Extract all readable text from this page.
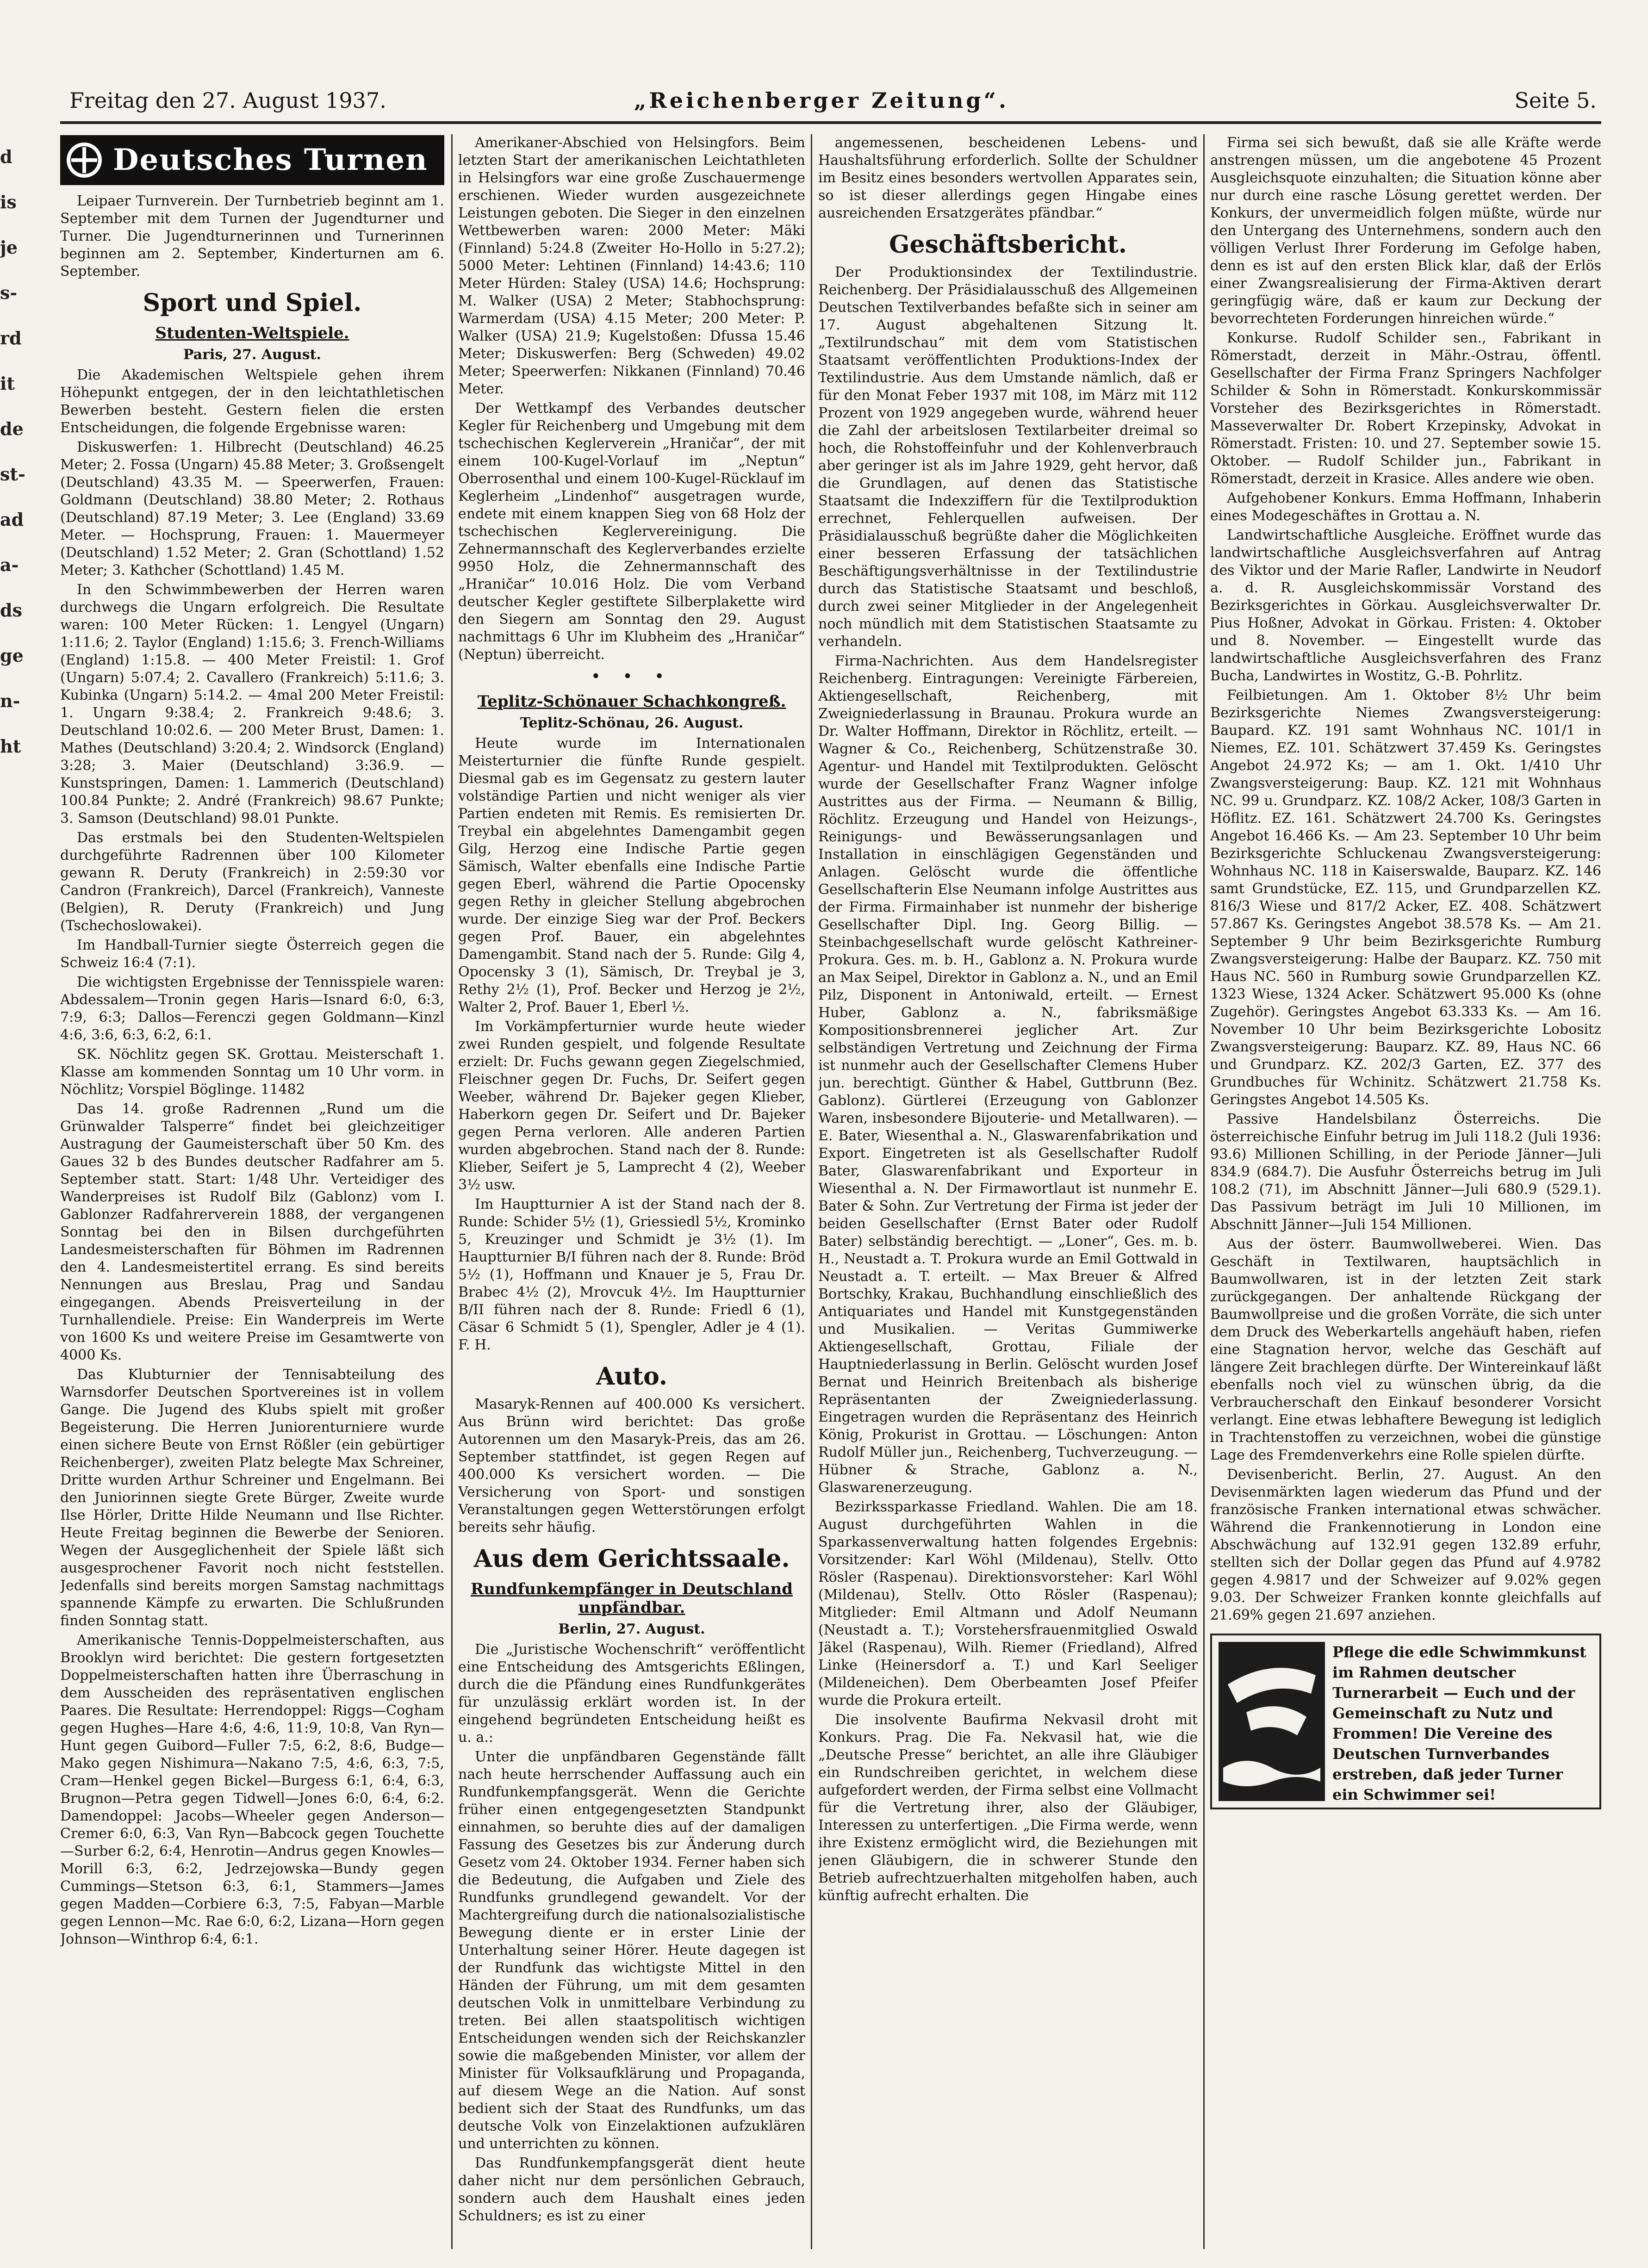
d
is
je
s-
rd
it
de
st-
ad
a-
ds
ge
n-
ht
Freitag den 27. August 1937.	„Reichenberger Zeitung“.	Seite 5.
Deutsches Turnen

Leipaer Turnverein. Der Turnbetrieb beginnt am 1. September mit dem Turnen der Jugendturner und Turner. Die Jugendturnerinnen und Turnerinnen beginnen am 2. September, Kinderturnen am 6. September.

Sport und Spiel.
Studenten-Weltspiele.
Paris, 27. August.

Die Akademischen Weltspiele gehen ihrem Höhepunkt entgegen, der in den leichtathletischen Bewerben besteht. Gestern fielen die ersten Entscheidungen, die folgende Ergebnisse waren:

Diskuswerfen: 1. Hilbrecht (Deutschland) 46.25 Meter; 2. Fossa (Ungarn) 45.88 Meter; 3. Großsengelt (Deutschland) 43.35 M. — Speerwerfen, Frauen: Goldmann (Deutschland) 38.80 Meter; 2. Rothaus (Deutschland) 87.19 Meter; 3. Lee (England) 33.69 Meter. — Hochsprung, Frauen: 1. Mauermeyer (Deutschland) 1.52 Meter; 2. Gran (Schottland) 1.52 Meter; 3. Kathcher (Schottland) 1.45 M.

In den Schwimmbewerben der Herren waren durchwegs die Ungarn erfolgreich. Die Resultate waren: 100 Meter Rücken: 1. Lengyel (Ungarn) 1:11.6; 2. Taylor (England) 1:15.6; 3. French-Williams (England) 1:15.8. — 400 Meter Freistil: 1. Grof (Ungarn) 5:07.4; 2. Cavallero (Frankreich) 5:11.6; 3. Kubinka (Ungarn) 5:14.2. — 4mal 200 Meter Freistil: 1. Ungarn 9:38.4; 2. Frankreich 9:48.6; 3. Deutschland 10:02.6. — 200 Meter Brust, Damen: 1. Mathes (Deutschland) 3:20.4; 2. Windsorck (England) 3:28; 3. Maier (Deutschland) 3:36.9. — Kunstspringen, Damen: 1. Lammerich (Deutschland) 100.84 Punkte; 2. André (Frankreich) 98.67 Punkte; 3. Samson (Deutschland) 98.01 Punkte.

Das erstmals bei den Studenten-Weltspielen durchgeführte Radrennen über 100 Kilometer gewann R. Deruty (Frankreich) in 2:59:30 vor Candron (Frankreich), Darcel (Frankreich), Vanneste (Belgien), R. Deruty (Frankreich) und Jung (Tschechoslowakei).

Im Handball-Turnier siegte Österreich gegen die Schweiz 16:4 (7:1).

Die wichtigsten Ergebnisse der Tennisspiele waren: Abdessalem—Tronin gegen Haris—Isnard 6:0, 6:3, 7:9, 6:3; Dallos—Ferenczi gegen Goldmann—Kinzl 4:6, 3:6, 6:3, 6:2, 6:1.

SK. Nöchlitz gegen SK. Grottau. Meisterschaft 1. Klasse am kommenden Sonntag um 10 Uhr vorm. in Nöchlitz; Vorspiel Böglinge. 11482

Das 14. große Radrennen „Rund um die Grünwalder Talsperre“ findet bei gleichzeitiger Austragung der Gaumeisterschaft über 50 Km. des Gaues 32 b des Bundes deutscher Radfahrer am 5. September statt. Start: 1/48 Uhr. Verteidiger des Wanderpreises ist Rudolf Bilz (Gablonz) vom I. Gablonzer Radfahrerverein 1888, der vergangenen Sonntag bei den in Bilsen durchgeführten Landesmeisterschaften für Böhmen im Radrennen den 4. Landesmeistertitel errang. Es sind bereits Nennungen aus Breslau, Prag und Sandau eingegangen. Abends Preisverteilung in der Turnhallendiele. Preise: Ein Wanderpreis im Werte von 1600 Ks und weitere Preise im Gesamtwerte von 4000 Ks.

Das Klubturnier der Tennisabteilung des Warnsdorfer Deutschen Sportvereines ist in vollem Gange. Die Jugend des Klubs spielt mit großer Begeisterung. Die Herren Juniorenturniere wurde einen sichere Beute von Ernst Rößler (ein gebürtiger Reichenberger), zweiten Platz belegte Max Schreiner, Dritte wurden Arthur Schreiner und Engelmann. Bei den Juniorinnen siegte Grete Bürger, Zweite wurde Ilse Hörler, Dritte Hilde Neumann und Ilse Richter. Heute Freitag beginnen die Bewerbe der Senioren. Wegen der Ausgeglichenheit der Spiele läßt sich ausgesprochener Favorit noch nicht feststellen. Jedenfalls sind bereits morgen Samstag nachmittags spannende Kämpfe zu erwarten. Die Schlußrunden finden Sonntag statt.

Amerikanische Tennis-Doppelmeisterschaften, aus Brooklyn wird berichtet: Die gestern fortgesetzten Doppelmeisterschaften hatten ihre Überraschung in dem Ausscheiden des repräsentativen englischen Paares. Die Resultate: Herrendoppel: Riggs—Cogham gegen Hughes—Hare 4:6, 4:6, 11:9, 10:8, Van Ryn—Hunt gegen Guibord—Fuller 7:5, 6:2, 8:6, Budge—Mako gegen Nishimura—Nakano 7:5, 4:6, 6:3, 7:5, Cram—Henkel gegen Bickel—Burgess 6:1, 6:4, 6:3, Brugnon—Petra gegen Tidwell—Jones 6:0, 6:4, 6:2. Damendoppel: Jacobs—Wheeler gegen Anderson—Cremer 6:0, 6:3, Van Ryn—Babcock gegen Touchette—Surber 6:2, 6:4, Henrotin—Andrus gegen Knowles—Morill 6:3, 6:2, Jedrzejowska—Bundy gegen Cummings—Stetson 6:3, 6:1, Stammers—James gegen Madden—Corbiere 6:3, 7:5, Fabyan—Marble gegen Lennon—Mc. Rae 6:0, 6:2, Lizana—Horn gegen Johnson—Winthrop 6:4, 6:1.

Amerikaner-Abschied von Helsingfors. Beim letzten Start der amerikanischen Leichtathleten in Helsingfors war eine große Zuschauermenge erschienen. Wieder wurden ausgezeichnete Leistungen geboten. Die Sieger in den einzelnen Wettbewerben waren: 2000 Meter: Mäki (Finnland) 5:24.8 (Zweiter Ho-Hollo in 5:27.2); 5000 Meter: Lehtinen (Finnland) 14:43.6; 110 Meter Hürden: Staley (USA) 14.6; Hochsprung: M. Walker (USA) 2 Meter; Stabhochsprung: Warmerdam (USA) 4.15 Meter; 200 Meter: P. Walker (USA) 21.9; Kugelstoßen: Dfussa 15.46 Meter; Diskuswerfen: Berg (Schweden) 49.02 Meter; Speerwerfen: Nikkanen (Finnland) 70.46 Meter.

Der Wettkampf des Verbandes deutscher Kegler für Reichenberg und Umgebung mit dem tschechischen Keglerverein „Hraničar“, der mit einem 100-Kugel-Vorlauf im „Neptun“ Oberrosenthal und einem 100-Kugel-Rücklauf im Keglerheim „Lindenhof“ ausgetragen wurde, endete mit einem knappen Sieg von 68 Holz der tschechischen Keglervereinigung. Die Zehnermannschaft des Keglerverbandes erzielte 9950 Holz, die Zehnermannschaft des „Hraničar“ 10.016 Holz. Die vom Verband deutscher Kegler gestiftete Silberplakette wird den Siegern am Sonntag den 29. August nachmittags 6 Uhr im Klubheim des „Hraničar“ (Neptun) überreicht.

• • •
Teplitz-Schönauer Schachkongreß.
Teplitz-Schönau, 26. August.

Heute wurde im Internationalen Meisterturnier die fünfte Runde gespielt. Diesmal gab es im Gegensatz zu gestern lauter volständige Partien und nicht weniger als vier Partien endeten mit Remis. Es remisierten Dr. Treybal ein abgelehntes Damengambit gegen Gilg, Herzog eine Indische Partie gegen Sämisch, Walter ebenfalls eine Indische Partie gegen Eberl, während die Partie Opocensky gegen Rethy in gleicher Stellung abgebrochen wurde. Der einzige Sieg war der Prof. Beckers gegen Prof. Bauer, ein abgelehntes Damengambit. Stand nach der 5. Runde: Gilg 4, Opocensky 3 (1), Sämisch, Dr. Treybal je 3, Rethy 2½ (1), Prof. Becker und Herzog je 2½, Walter 2, Prof. Bauer 1, Eberl ½.

Im Vorkämpferturnier wurde heute wieder zwei Runden gespielt, und folgende Resultate erzielt: Dr. Fuchs gewann gegen Ziegelschmied, Fleischner gegen Dr. Fuchs, Dr. Seifert gegen Weeber, während Dr. Bajeker gegen Klieber, Haberkorn gegen Dr. Seifert und Dr. Bajeker gegen Perna verloren. Alle anderen Partien wurden abgebrochen. Stand nach der 8. Runde: Klieber, Seifert je 5, Lamprecht 4 (2), Weeber 3½ usw.

Im Hauptturnier A ist der Stand nach der 8. Runde: Schider 5½ (1), Griessiedl 5½, Krominko 5, Kreuzinger und Schmidt je 3½ (1). Im Hauptturnier B/I führen nach der 8. Runde: Bröd 5½ (1), Hoffmann und Knauer je 5, Frau Dr. Brabec 4½ (2), Mrovcuk 4½. Im Hauptturnier B/II führen nach der 8. Runde: Friedl 6 (1), Cäsar 6 Schmidt 5 (1), Spengler, Adler je 4 (1). F. H.

Auto.

Masaryk-Rennen auf 400.000 Ks versichert. Aus Brünn wird berichtet: Das große Autorennen um den Masaryk-Preis, das am 26. September stattfindet, ist gegen Regen auf 400.000 Ks versichert worden. — Die Versicherung von Sport- und sonstigen Veranstaltungen gegen Wetterstörungen erfolgt bereits sehr häufig.

Aus dem Gerichtssaale.
Rundfunkempfänger in Deutschland unpfändbar.
Berlin, 27. August.

Die „Juristische Wochenschrift“ veröffentlicht eine Entscheidung des Amtsgerichts Eßlingen, durch die die Pfändung eines Rundfunkgerätes für unzulässig erklärt worden ist. In der eingehend begründeten Entscheidung heißt es u. a.:

Unter die unpfändbaren Gegenstände fällt nach heute herrschender Auffassung auch ein Rundfunkempfangsgerät. Wenn die Gerichte früher einen entgegengesetzten Standpunkt einnahmen, so beruhte dies auf der damaligen Fassung des Gesetzes bis zur Änderung durch Gesetz vom 24. Oktober 1934. Ferner haben sich die Bedeutung, die Aufgaben und Ziele des Rundfunks grundlegend gewandelt. Vor der Machtergreifung durch die nationalsozialistische Bewegung diente er in erster Linie der Unterhaltung seiner Hörer. Heute dagegen ist der Rundfunk das wichtigste Mittel in den Händen der Führung, um mit dem gesamten deutschen Volk in unmittelbare Verbindung zu treten. Bei allen staatspolitisch wichtigen Entscheidungen wenden sich der Reichskanzler sowie die maßgebenden Minister, vor allem der Minister für Volksaufklärung und Propaganda, auf diesem Wege an die Nation. Auf sonst bedient sich der Staat des Rundfunks, um das deutsche Volk von Einzelaktionen aufzuklären und unterrichten zu können.

Das Rundfunkempfangsgerät dient heute daher nicht nur dem persönlichen Gebrauch, sondern auch dem Haushalt eines jeden Schuldners; es ist zu einer

angemessenen, bescheidenen Lebens- und Haushaltsführung erforderlich. Sollte der Schuldner im Besitz eines besonders wertvollen Apparates sein, so ist dieser allerdings gegen Hingabe eines ausreichenden Ersatzgerätes pfändbar.“

Geschäftsbericht.

Der Produktionsindex der Textilindustrie. Reichenberg. Der Präsidialausschuß des Allgemeinen Deutschen Textilverbandes befaßte sich in seiner am 17. August abgehaltenen Sitzung lt. „Textilrundschau“ mit dem vom Statistischen Staatsamt veröffentlichten Produktions-Index der Textilindustrie. Aus dem Umstande nämlich, daß er für den Monat Feber 1937 mit 108, im März mit 112 Prozent von 1929 angegeben wurde, während heuer die Zahl der arbeitslosen Textilarbeiter dreimal so hoch, die Rohstoffeinfuhr und der Kohlenverbrauch aber geringer ist als im Jahre 1929, geht hervor, daß die Grundlagen, auf denen das Statistische Staatsamt die Indexziffern für die Textilproduktion errechnet, Fehlerquellen aufweisen. Der Präsidialausschuß begrüßte daher die Möglichkeiten einer besseren Erfassung der tatsächlichen Beschäftigungsverhältnisse in der Textilindustrie durch das Statistische Staatsamt und beschloß, durch zwei seiner Mitglieder in der Angelegenheit noch mündlich mit dem Statistischen Staatsamte zu verhandeln.

Firma-Nachrichten. Aus dem Handelsregister Reichenberg. Eintragungen: Vereinigte Färbereien, Aktiengesellschaft, Reichenberg, mit Zweigniederlassung in Braunau. Prokura wurde an Dr. Walter Hoffmann, Direktor in Röchlitz, erteilt. — Wagner & Co., Reichenberg, Schützenstraße 30. Agentur- und Handel mit Textilprodukten. Gelöscht wurde der Gesellschafter Franz Wagner infolge Austrittes aus der Firma. — Neumann & Billig, Röchlitz. Erzeugung und Handel von Heizungs-, Reinigungs- und Bewässerungsanlagen und Installation in einschlägigen Gegenständen und Anlagen. Gelöscht wurde die öffentliche Gesellschafterin Else Neumann infolge Austrittes aus der Firma. Firmainhaber ist nunmehr der bisherige Gesellschafter Dipl. Ing. Georg Billig. — Steinbachgesellschaft wurde gelöscht Kathreiner-Prokura. Ges. m. b. H., Gablonz a. N. Prokura wurde an Max Seipel, Direktor in Gablonz a. N., und an Emil Pilz, Disponent in Antoniwald, erteilt. — Ernest Huber, Gablonz a. N., fabriksmäßige Kompositionsbrennerei jeglicher Art. Zur selbständigen Vertretung und Zeichnung der Firma ist nunmehr auch der Gesellschafter Clemens Huber jun. berechtigt. Günther & Habel, Guttbrunn (Bez. Gablonz). Gürtlerei (Erzeugung von Gablonzer Waren, insbesondere Bijouterie- und Metallwaren). — E. Bater, Wiesenthal a. N., Glaswarenfabrikation und Export. Eingetreten ist als Gesellschafter Rudolf Bater, Glaswarenfabrikant und Exporteur in Wiesenthal a. N. Der Firmawortlaut ist nunmehr E. Bater & Sohn. Zur Vertretung der Firma ist jeder der beiden Gesellschafter (Ernst Bater oder Rudolf Bater) selbständig berechtigt. — „Loner“, Ges. m. b. H., Neustadt a. T. Prokura wurde an Emil Gottwald in Neustadt a. T. erteilt. — Max Breuer & Alfred Bortschky, Krakau, Buchhandlung einschließlich des Antiquariates und Handel mit Kunstgegenständen und Musikalien. — Veritas Gummiwerke Aktiengesellschaft, Grottau, Filiale der Hauptniederlassung in Berlin. Gelöscht wurden Josef Bernat und Heinrich Breitenbach als bisherige Repräsentanten der Zweigniederlassung. Eingetragen wurden die Repräsentanz des Heinrich König, Prokurist in Grottau. — Löschungen: Anton Rudolf Müller jun., Reichenberg, Tuchverzeugung. — Hübner & Strache, Gablonz a. N., Glaswarenerzeugung.

Bezirkssparkasse Friedland. Wahlen. Die am 18. August durchgeführten Wahlen in die Sparkassenverwaltung hatten folgendes Ergebnis: Vorsitzender: Karl Wöhl (Mildenau), Stellv. Otto Rösler (Raspenau). Direktionsvorsteher: Karl Wöhl (Mildenau), Stellv. Otto Rösler (Raspenau); Mitglieder: Emil Altmann und Adolf Neumann (Neustadt a. T.); Vorstehersfrauenmitglied Oswald Jäkel (Raspenau), Wilh. Riemer (Friedland), Alfred Linke (Heinersdorf a. T.) und Karl Seeliger (Mildeneichen). Dem Oberbeamten Josef Pfeifer wurde die Prokura erteilt.

Die insolvente Baufirma Nekvasil droht mit Konkurs. Prag. Die Fa. Nekvasil hat, wie die „Deutsche Presse“ berichtet, an alle ihre Gläubiger ein Rundschreiben gerichtet, in welchem diese aufgefordert werden, der Firma selbst eine Vollmacht für die Vertretung ihrer, also der Gläubiger, Interessen zu unterfertigen. „Die Firma werde, wenn ihre Existenz ermöglicht wird, die Beziehungen mit jenen Gläubigern, die in schwerer Stunde den Betrieb aufrechtzuerhalten mitgeholfen haben, auch künftig aufrecht erhalten. Die

Firma sei sich bewußt, daß sie alle Kräfte werde anstrengen müssen, um die angebotene 45 Prozent Ausgleichsquote einzuhalten; die Situation könne aber nur durch eine rasche Lösung gerettet werden. Der Konkurs, der unvermeidlich folgen müßte, würde nur den Untergang des Unternehmens, sondern auch den völligen Verlust Ihrer Forderung im Gefolge haben, denn es ist auf den ersten Blick klar, daß der Erlös einer Zwangsrealisierung der Firma-Aktiven derart geringfügig wäre, daß er kaum zur Deckung der bevorrechteten Forderungen hinreichen würde.“

Konkurse. Rudolf Schilder sen., Fabrikant in Römerstadt, derzeit in Mähr.-Ostrau, öffentl. Gesellschafter der Firma Franz Springers Nachfolger Schilder & Sohn in Römerstadt. Konkurskommissär Vorsteher des Bezirksgerichtes in Römerstadt. Masseverwalter Dr. Robert Krzepinsky, Advokat in Römerstadt. Fristen: 10. und 27. September sowie 15. Oktober. — Rudolf Schilder jun., Fabrikant in Römerstadt, derzeit in Krasice. Alles andere wie oben.

Aufgehobener Konkurs. Emma Hoffmann, Inhaberin eines Modegeschäftes in Grottau a. N.

Landwirtschaftliche Ausgleiche. Eröffnet wurde das landwirtschaftliche Ausgleichsverfahren auf Antrag des Viktor und der Marie Rafler, Landwirte in Neudorf a. d. R. Ausgleichskommissär Vorstand des Bezirksgerichtes in Görkau. Ausgleichsverwalter Dr. Pius Hoßner, Advokat in Görkau. Fristen: 4. Oktober und 8. November. — Eingestellt wurde das landwirtschaftliche Ausgleichsverfahren des Franz Bucha, Landwirtes in Wostitz, G.-B. Pohrlitz.

Feilbietungen. Am 1. Oktober 8½ Uhr beim Bezirksgerichte Niemes Zwangsversteigerung: Baupard. KZ. 191 samt Wohnhaus NC. 101/1 in Niemes, EZ. 101. Schätzwert 37.459 Ks. Geringstes Angebot 24.972 Ks; — am 1. Okt. 1/410 Uhr Zwangsversteigerung: Baup. KZ. 121 mit Wohnhaus NC. 99 u. Grundparz. KZ. 108/2 Acker, 108/3 Garten in Höflitz. EZ. 161. Schätzwert 24.700 Ks. Geringstes Angebot 16.466 Ks. — Am 23. September 10 Uhr beim Bezirksgerichte Schluckenau Zwangsversteigerung: Wohnhaus NC. 118 in Kaiserswalde, Bauparz. KZ. 146 samt Grundstücke, EZ. 115, und Grundparzellen KZ. 816/3 Wiese und 817/2 Acker, EZ. 408. Schätzwert 57.867 Ks. Geringstes Angebot 38.578 Ks. — Am 21. September 9 Uhr beim Bezirksgerichte Rumburg Zwangsversteigerung: Halbe der Bauparz. KZ. 750 mit Haus NC. 560 in Rumburg sowie Grundparzellen KZ. 1323 Wiese, 1324 Acker. Schätzwert 95.000 Ks (ohne Zugehör). Geringstes Angebot 63.333 Ks. — Am 16. November 10 Uhr beim Bezirksgerichte Lobositz Zwangsversteigerung: Bauparz. KZ. 89, Haus NC. 66 und Grundparz. KZ. 202/3 Garten, EZ. 377 des Grundbuches für Wchinitz. Schätzwert 21.758 Ks. Geringstes Angebot 14.505 Ks.

Passive Handelsbilanz Österreichs. Die österreichische Einfuhr betrug im Juli 118.2 (Juli 1936: 93.6) Millionen Schilling, in der Periode Jänner—Juli 834.9 (684.7). Die Ausfuhr Österreichs betrug im Juli 108.2 (71), im Abschnitt Jänner—Juli 680.9 (529.1). Das Passivum beträgt im Juli 10 Millionen, im Abschnitt Jänner—Juli 154 Millionen.

Aus der österr. Baumwollweberei. Wien. Das Geschäft in Textilwaren, hauptsächlich in Baumwollwaren, ist in der letzten Zeit stark zurückgegangen. Der anhaltende Rückgang der Baumwollpreise und die großen Vorräte, die sich unter dem Druck des Weberkartells angehäuft haben, riefen eine Stagnation hervor, welche das Geschäft auf längere Zeit brachlegen dürfte. Der Wintereinkauf läßt ebenfalls noch viel zu wünschen übrig, da die Verbraucherschaft den Einkauf besonderer Vorsicht verlangt. Eine etwas lebhaftere Bewegung ist lediglich in Trachtenstoffen zu verzeichnen, wobei die günstige Lage des Fremdenverkehrs eine Rolle spielen dürfte.

Devisenbericht. Berlin, 27. August. An den Devisenmärkten lagen wiederum das Pfund und der französische Franken international etwas schwächer. Während die Frankennotierung in London eine Abschwächung auf 132.91 gegen 132.89 erfuhr, stellten sich der Dollar gegen das Pfund auf 4.9782 gegen 4.9817 und der Schweizer auf 9.02% gegen 9.03. Der Schweizer Franken konnte gleichfalls auf 21.69% gegen 21.697 anziehen.

Pflege die edle Schwimmkunst im Rahmen deutscher Turnerarbeit — Euch und der Gemeinschaft zu Nutz und Frommen! Die Vereine des Deutschen Turnverbandes erstreben, daß jeder Turner ein Schwimmer sei!
